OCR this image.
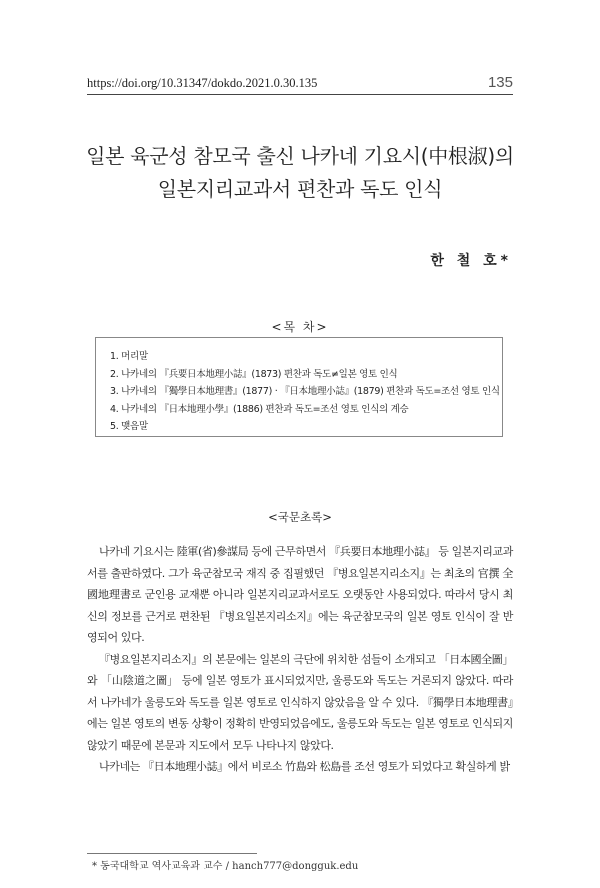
https://doi.org/10.31347/dokdo.2021.0.30.135	135
일본 육군성 참모국 출신 나카네 기요시(中根淑)의
일본지리교과서 편찬과 독도 인식
한 철 호*
<목 차>
1. 머리말
2. 나카네의 『兵要日本地理小誌』(1873) 편찬과 독도≠일본 영토 인식
3. 나카네의 『獨學日本地理書』(1877) · 『日本地理小誌』(1879) 편찬과 독도=조선 영토 인식
4. 나카네의 『日本地理小學』(1886) 편찬과 독도=조선 영토 인식의 계승
5. 맺음말
<국문초록>

나카네 기요시는 陸軍(省)參謀局 등에 근무하면서 『兵要日本地理小誌』 등 일본지리교과서를 출판하였다. 그가 육군참모국 재직 중 집필했던 『병요일본지리소지』는 최초의 官撰 全國地理書로 군인용 교재뿐 아니라 일본지리교과서로도 오랫동안 사용되었다. 따라서 당시 최신의 정보를 근거로 편찬된 『병요일본지리소지』에는 육군참모국의 일본 영토 인식이 잘 반영되어 있다.

『병요일본지리소지』의 본문에는 일본의 극단에 위치한 섬들이 소개되고 「日本國全圖」와 「山陰道之圖」 등에 일본 영토가 표시되었지만, 울릉도와 독도는 거론되지 않았다. 따라서 나카네가 울릉도와 독도를 일본 영토로 인식하지 않았음을 알 수 있다. 『獨學日本地理書』에는 일본 영토의 변동 상황이 정확히 반영되었음에도, 울릉도와 독도는 일본 영토로 인식되지 않았기 때문에 본문과 지도에서 모두 나타나지 않았다.

나카네는 『日本地理小誌』에서 비로소 竹島와 松島를 조선 영토가 되었다고 확실하게 밝

* 동국대학교 역사교육과 교수 / hanch777@dongguk.edu
